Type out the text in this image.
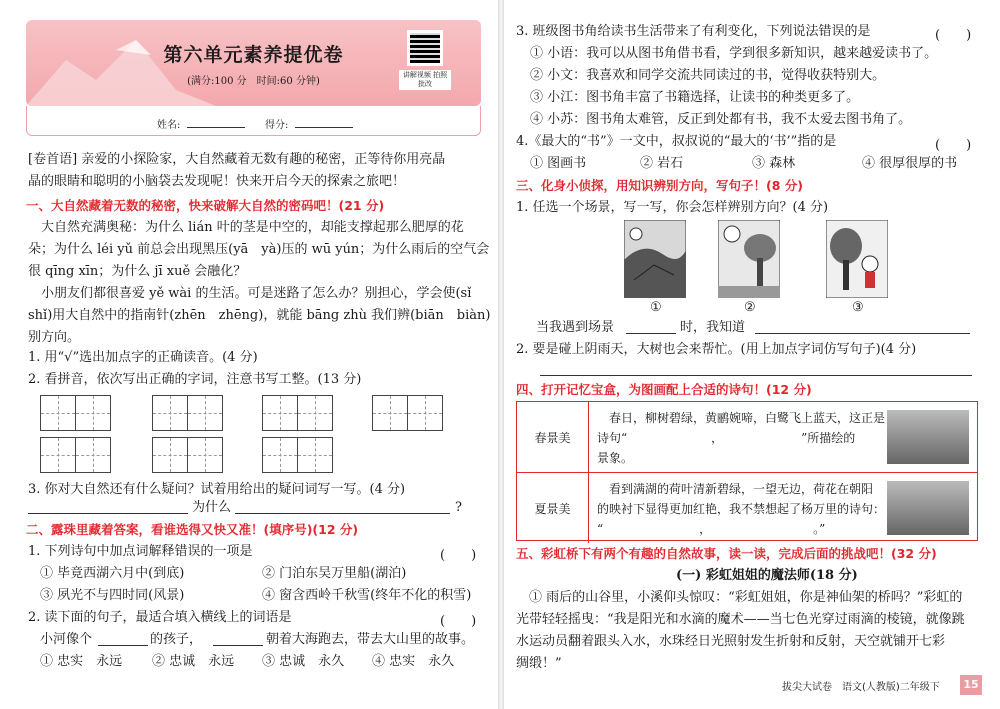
第六单元素养提优卷
(满分:100 分　时间:60 分钟)
讲解视频 拍照批改
姓名:	得分:
[卷首语] 亲爱的小探险家，大自然藏着无数有趣的秘密，正等待你用亮晶
晶的眼睛和聪明的小脑袋去发现呢！快来开启今天的探索之旅吧！
一、大自然藏着无数的秘密，快来破解大自然的密码吧！(21 分)
　大自然充满奥秘：为什么 lián 叶的茎是中空的，却能支撑起那么肥厚的花
朵；为什么 léi yǔ 前总会出现黑压(yā　yà)压的 wū yún；为什么雨后的空气会
很 qīng xīn；为什么 jī xuě 会融化？
　小朋友们都很喜爱 yě wài 的生活。可是迷路了怎么办？别担心，学会使(sǐ
shǐ)用大自然中的指南针(zhēn　zhēng)，就能 bāng zhù 我们辨(biān　biàn)
别方向。
1. 用“√”选出加点字的正确读音。(4 分)
2. 看拼音，依次写出正确的字词，注意书写工整。(13 分)
3. 你对大自然还有什么疑问？试着用给出的疑问词写一写。(4 分)
为什么	?
二、露珠里藏着答案，看谁选得又快又准！(填序号)(12 分)
1. 下列诗句中加点词解释错误的一项是	(　　)
① 毕竟西湖六月中(到底)	② 门泊东吴万里船(湖泊)
③ 夙光不与四时同(风景)	④ 窗含西岭千秋雪(终年不化的积雪)
2. 读下面的句子，最适合填入横线上的词语是	(　　)
小河像个	的孩子，	朝着大海跑去，带去大山里的故事。
① 忠实　永远 ② 忠诚　永远 ③ 忠诚　永久 ④ 忠实　永久
3. 班级图书角给读书生活带来了有利变化，下列说法错误的是	(　　)
① 小语：我可以从图书角借书看，学到很多新知识，越来越爱读书了。
② 小文：我喜欢和同学交流共同读过的书，觉得收获特别大。
③ 小江：图书角丰富了书籍选择，让读书的种类更多了。
④ 小苏：图书角太难管，反正到处都有书，我不太爱去图书角了。
4.《最大的“书”》一文中，叔叔说的“最大的‘书’”指的是	(　　)
① 图画书	② 岩石	③ 森林	④ 很厚很厚的书
三、化身小侦探，用知识辨别方向，写句子！(8 分)
1. 任选一个场景，写一写，你会怎样辨别方向？(4 分)
①	②	③
当我遇到场景	时，我知道
2. 要是碰上阴雨天，大树也会来帮忙。(用上加点字词仿写句子)(4 分)
四、打开记忆宝盒，为图画配上合适的诗句！(12 分)
春景美
　春日，柳树碧绿，黄鹂婉啼，白鹭飞上蓝天，这正是
诗句“　　　　　　　，　　　　　　　”所描绘的
景象。
夏景美
　看到满湖的荷叶清新碧绿，一望无边，荷花在朝阳
的映衬下显得更加红艳，我不禁想起了杨万里的诗句：
“　　　　　　　　，　　　　　　　　　。”
五、彩虹桥下有两个有趣的自然故事，读一读，完成后面的挑战吧！(32 分)
(一) 彩虹姐姐的魔法师(18 分)
　① 雨后的山谷里，小溪仰头惊叹：“彩虹姐姐，你是神仙架的桥吗？”彩虹的
光带轻轻摇曳：“我是阳光和水滴的魔术——当七色光穿过雨滴的棱镜，就像跳
水运动员翻着跟头入水，水珠经日光照射发生折射和反射，天空就铺开七彩
绸缎！”
拔尖大试卷　语文(人教版)二年级下	15
